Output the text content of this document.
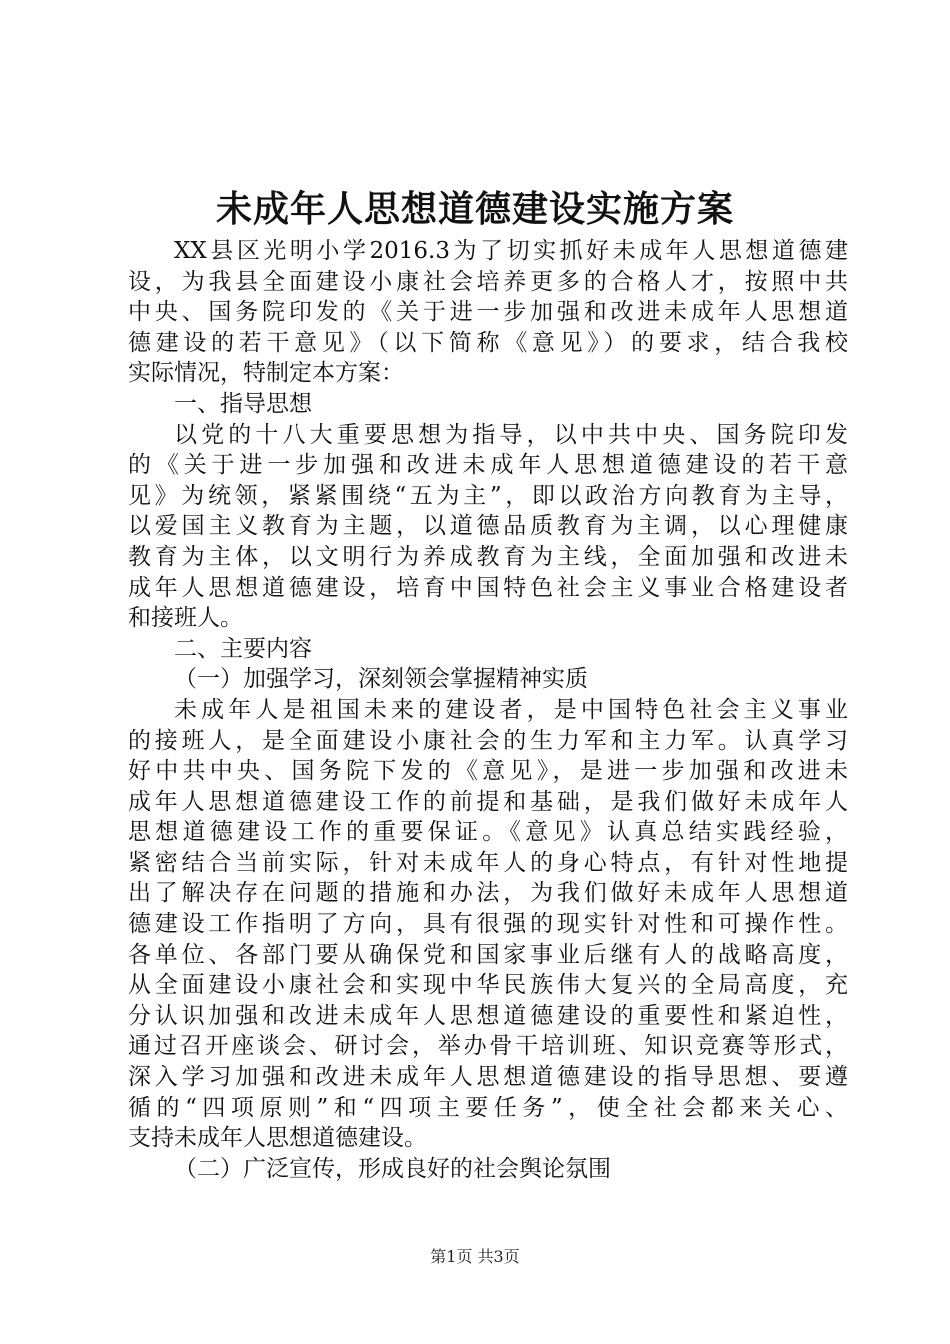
未成年人思想道德建设实施方案
XX县区光明小学2016.3为了切实抓好未成年人思想道德建
设，为我县全面建设小康社会培养更多的合格人才，按照中共
中央、国务院印发的《关于进一步加强和改进未成年人思想道
德建设的若干意见》（以下简称《意见》）的要求，结合我校
实际情况，特制定本方案：
一、指导思想
以党的十八大重要思想为指导，以中共中央、国务院印发
的《关于进一步加强和改进未成年人思想道德建设的若干意
见》为统领，紧紧围绕“五为主”，即以政治方向教育为主导，
以爱国主义教育为主题，以道德品质教育为主调，以心理健康
教育为主体，以文明行为养成教育为主线，全面加强和改进未
成年人思想道德建设，培育中国特色社会主义事业合格建设者
和接班人。
二、主要内容
（一）加强学习，深刻领会掌握精神实质
未成年人是祖国未来的建设者，是中国特色社会主义事业
的接班人，是全面建设小康社会的生力军和主力军。认真学习
好中共中央、国务院下发的《意见》，是进一步加强和改进未
成年人思想道德建设工作的前提和基础，是我们做好未成年人
思想道德建设工作的重要保证。《意见》认真总结实践经验，
紧密结合当前实际，针对未成年人的身心特点，有针对性地提
出了解决存在问题的措施和办法，为我们做好未成年人思想道
德建设工作指明了方向，具有很强的现实针对性和可操作性。
各单位、各部门要从确保党和国家事业后继有人的战略高度，
从全面建设小康社会和实现中华民族伟大复兴的全局高度，充
分认识加强和改进未成年人思想道德建设的重要性和紧迫性，
通过召开座谈会、研讨会，举办骨干培训班、知识竞赛等形式，
深入学习加强和改进未成年人思想道德建设的指导思想、要遵
循的“四项原则”和“四项主要任务”，使全社会都来关心、
支持未成年人思想道德建设。
（二）广泛宣传，形成良好的社会舆论氛围
第1页 共3页
